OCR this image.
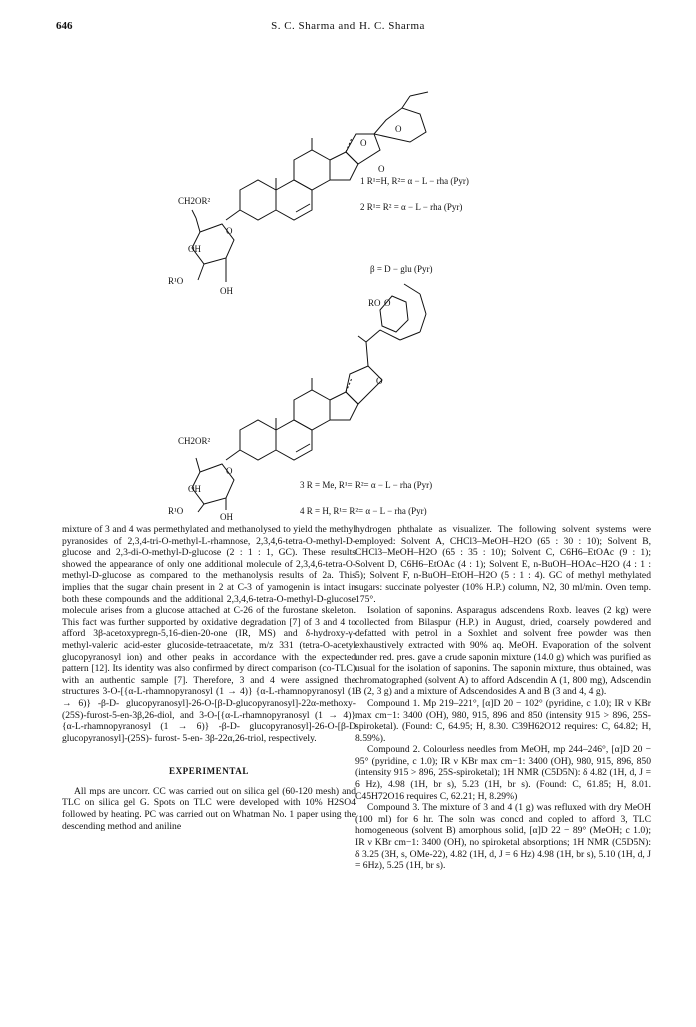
646	S. C. Sharma and H. C. Sharma
O
O
O
CH2OR²
O
OH
R¹O
OH
1 R¹=H, R²= α − L − rha (Pyr)
2 R¹= R² = α − L − rha (Pyr)
β = D − glu (Pyr)
RO O
O
CH2OR²
O
OH
R¹O
OH
3 R = Me, R¹= R²= α − L − rha (Pyr)
4 R = H, R¹= R²= α − L − rha (Pyr)

mixture of 3 and 4 was permethylated and methanolysed to yield the methyl pyranosides of 2,3,4-tri-O-methyl-L-rhamnose, 2,3,4,6-tetra-O-methyl-D-glucose and 2,3-di-O-methyl-D-glucose (2 : 1 : 1, GC). These results showed the appearance of only one additional molecule of 2,3,4,6-tetra-O-methyl-D-glucose as compared to the methanolysis results of 2a. This implies that the sugar chain present in 2 at C-3 of yamogenin is intact in both these compounds and the additional 2,3,4,6-tetra-O-methyl-D-glucose molecule arises from a glucose attached at C-26 of the furostane skeleton. This fact was further supported by oxidative degradation [7] of 3 and 4 to afford 3β-acetoxypregn-5,16-dien-20-one (IR, MS) and δ-hydroxy-γ-methyl-valeric acid-ester glucoside-tetraacetate, m/z 331 (tetra-O-acetyl glucopyranosyl ion) and other peaks in accordance with the expected pattern [12]. Its identity was also confirmed by direct comparison (co-TLC) with an authentic sample [7]. Therefore, 3 and 4 were assigned the structures 3-O-[{α-L-rhamnopyranosyl (1 → 4)} {α-L-rhamnopyranosyl (1 → 6)} -β-D- glucopyranosyl]-26-O-[β-D-glucopyranosyl]-22α-methoxy-(25S)-furost-5-en-3β,26-diol, and 3-O-[{α-L-rhamnopyranosyl (1 → 4)} {α-L-rhamnopyranosyl (1 → 6)} -β-D- glucopyranosyl]-26-O-[β-D glucopyranosyl]-(25S)- furost- 5-en- 3β-22α,26-triol, respectively.

EXPERIMENTAL

All mps are uncorr. CC was carried out on silica gel (60-120 mesh) and TLC on silica gel G. Spots on TLC were developed with 10% H2SO4 followed by heating. PC was carried out on Whatman No. 1 paper using the descending method and aniline

hydrogen phthalate as visualizer. The following solvent systems were employed: Solvent A, CHCl3–MeOH–H2O (65 : 30 : 10); Solvent B, CHCl3–MeOH–H2O (65 : 35 : 10); Solvent C, C6H6–EtOAc (9 : 1); Solvent D, C6H6–EtOAc (4 : 1); Solvent E, n-BuOH–HOAc–H2O (4 : 1 : 5); Solvent F, n-BuOH–EtOH–H2O (5 : 1 : 4). GC of methyl methylated sugars: succinate polyester (10% H.P.) column, N2, 30 ml/min. Oven temp. 175°.

Isolation of saponins. Asparagus adscendens Roxb. leaves (2 kg) were collected from Bilaspur (H.P.) in August, dried, coarsely powdered and defatted with petrol in a Soxhlet and solvent free powder was then exhaustively extracted with 90% aq. MeOH. Evaporation of the solvent under red. pres. gave a crude saponin mixture (14.0 g) which was purified as usual for the isolation of saponins. The saponin mixture, thus obtained, was chromatographed (solvent A) to afford Adscendin A (1, 800 mg), Adscendin B (2, 3 g) and a mixture of Adscendosides A and B (3 and 4, 4 g).

Compound 1. Mp 219–221°, [α]D 20 − 102° (pyridine, c 1.0); IR ν KBr max cm−1: 3400 (OH), 980, 915, 896 and 850 (intensity 915 > 896, 25S-spiroketal). (Found: C, 64.95; H, 8.30. C39H62O12 requires: C, 64.82; H, 8.59%).

Compound 2. Colourless needles from MeOH, mp 244–246°, [α]D 20 − 95° (pyridine, c 1.0); IR ν KBr max cm−1: 3400 (OH), 980, 915, 896, 850 (intensity 915 > 896, 25S-spiroketal); 1H NMR (C5D5N): δ 4.82 (1H, d, J = 6 Hz), 4.98 (1H, br s), 5.23 (1H, br s). (Found: C, 61.85; H, 8.01. C45H72O16 requires C, 62.21; H, 8.29%)

Compound 3. The mixture of 3 and 4 (1 g) was refluxed with dry MeOH (100 ml) for 6 hr. The soln was concd and copled to afford 3, TLC homogeneous (solvent B) amorphous solid, [α]D 22 − 89° (MeOH; c 1.0); IR ν KBr cm−1: 3400 (OH), no spiroketal absorptions; 1H NMR (C5D5N): δ 3.25 (3H, s, OMe-22), 4.82 (1H, d, J = 6 Hz) 4.98 (1H, br s), 5.10 (1H, d, J = 6Hz), 5.25 (1H, br s).
